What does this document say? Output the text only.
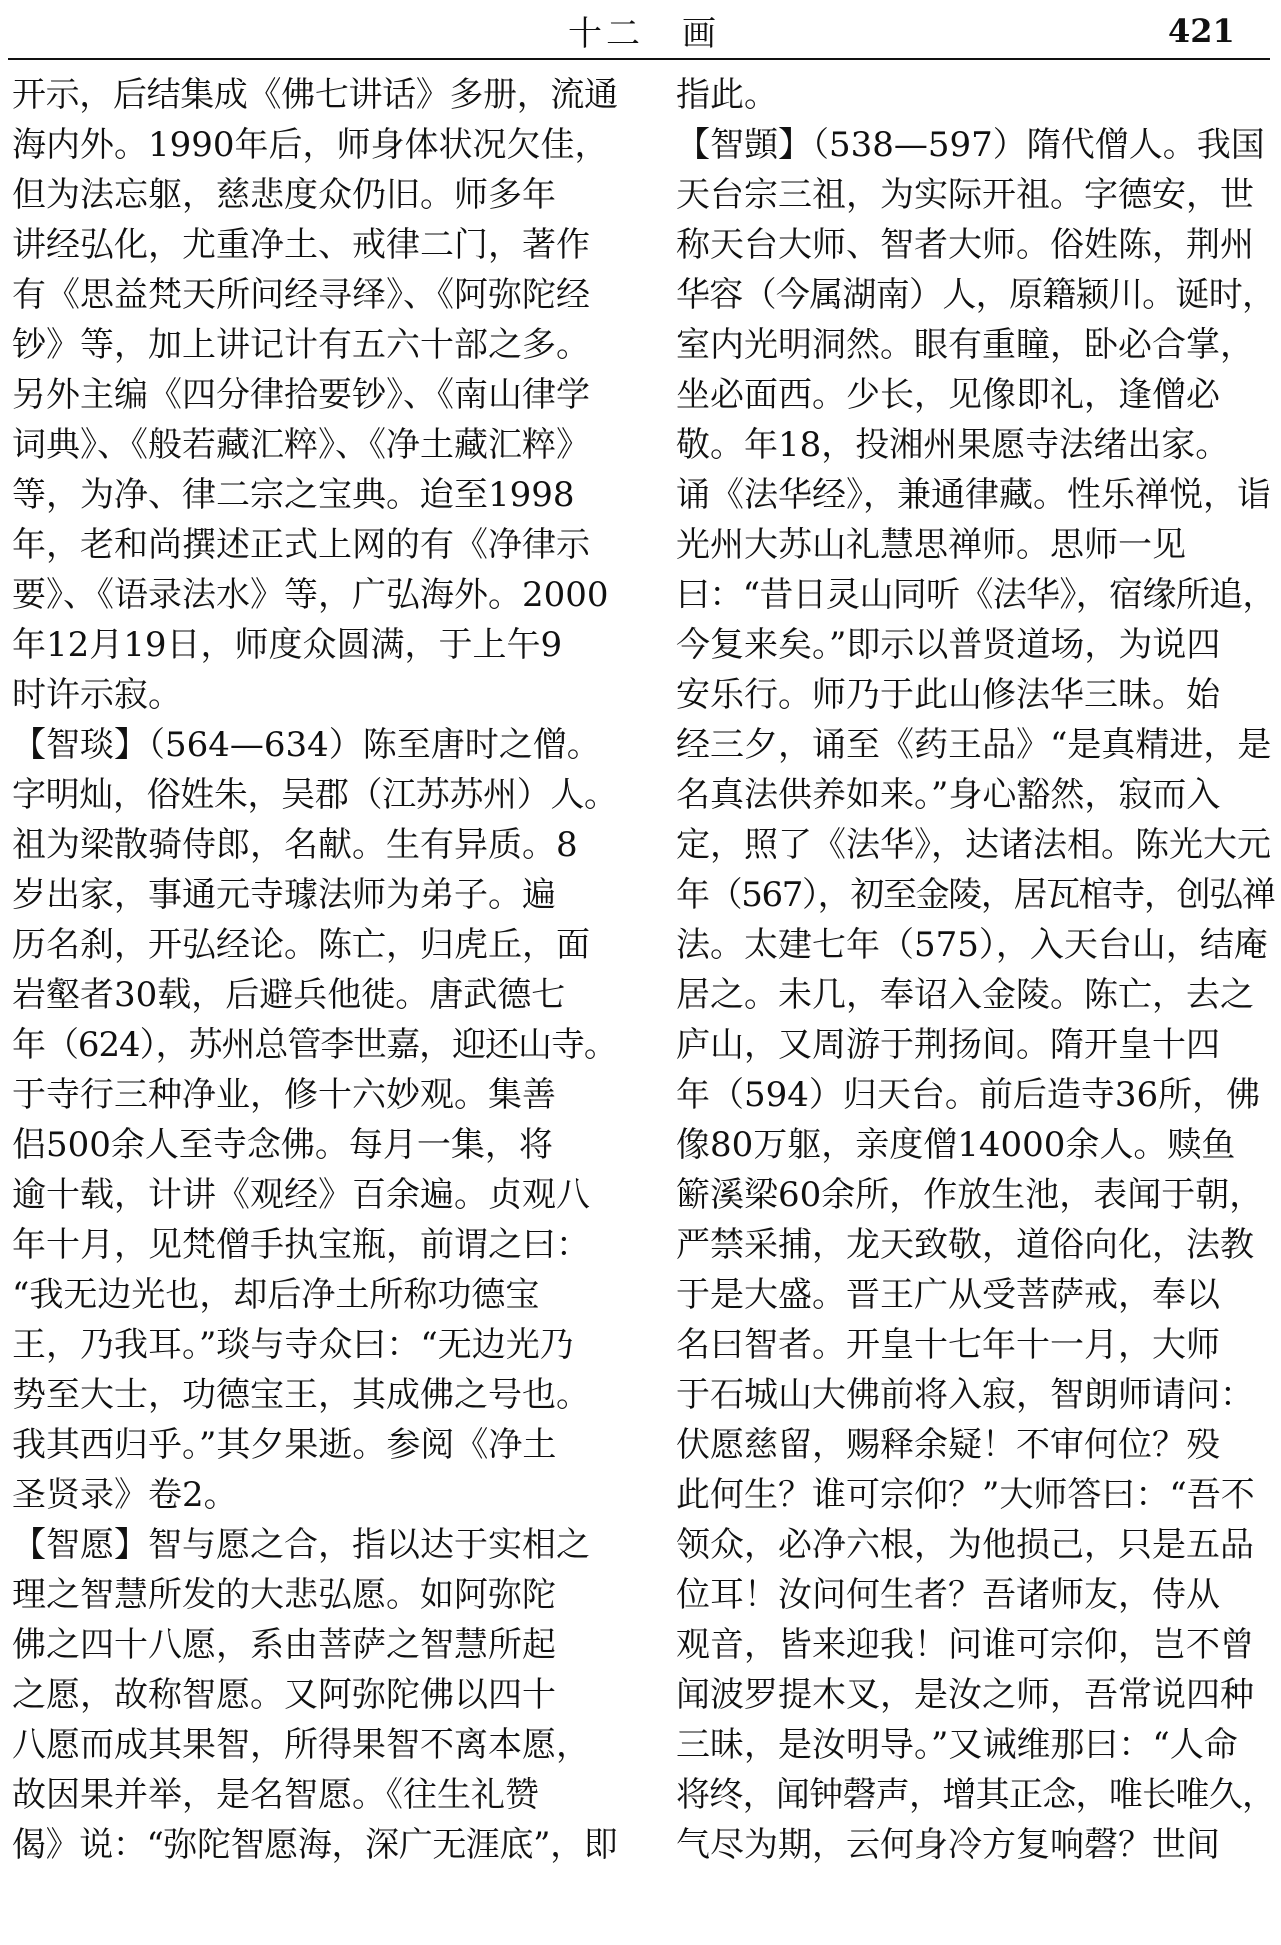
十二　画	421
开示，后结集成《佛七讲话》多册，流通
海内外。1990年后，师身体状况欠佳，
但为法忘躯，慈悲度众仍旧。师多年
讲经弘化，尤重净土、戒律二门，著作
有《思益梵天所问经寻绎》、《阿弥陀经
钞》等，加上讲记计有五六十部之多。
另外主编《四分律拾要钞》、《南山律学
词典》、《般若藏汇粹》、《净土藏汇粹》
等，为净、律二宗之宝典。迨至1998
年，老和尚撰述正式上网的有《净律示
要》、《语录法水》等，广弘海外。2000
年12月19日，师度众圆满，于上午9
时许示寂。
【智琰】（564—634）陈至唐时之僧。
字明灿，俗姓朱，吴郡（江苏苏州）人。
祖为梁散骑侍郎，名献。生有异质。8
岁出家，事通元寺璩法师为弟子。遍
历名刹，开弘经论。陈亡，归虎丘，面
岩壑者30载，后避兵他徙。唐武德七
年（624），苏州总管李世嘉，迎还山寺。
于寺行三种净业，修十六妙观。集善
侣500余人至寺念佛。每月一集，将
逾十载，计讲《观经》百余遍。贞观八
年十月，见梵僧手执宝瓶，前谓之曰：
“我无边光也，却后净土所称功德宝
王，乃我耳。”琰与寺众曰：“无边光乃
势至大士，功德宝王，其成佛之号也。
我其西归乎。”其夕果逝。参阅《净土
圣贤录》卷2。
【智愿】智与愿之合，指以达于实相之
理之智慧所发的大悲弘愿。如阿弥陀
佛之四十八愿，系由菩萨之智慧所起
之愿，故称智愿。又阿弥陀佛以四十
八愿而成其果智，所得果智不离本愿，
故因果并举，是名智愿。《往生礼赞
偈》说：“弥陀智愿海，深广无涯底”，即
指此。
【智顗】（538—597）隋代僧人。我国
天台宗三祖，为实际开祖。字德安，世
称天台大师、智者大师。俗姓陈，荆州
华容（今属湖南）人，原籍颍川。诞时，
室内光明洞然。眼有重瞳，卧必合掌，
坐必面西。少长，见像即礼，逢僧必
敬。年18，投湘州果愿寺法绪出家。
诵《法华经》，兼通律藏。性乐禅悦，诣
光州大苏山礼慧思禅师。思师一见
曰：“昔日灵山同听《法华》，宿缘所追，
今复来矣。”即示以普贤道场，为说四
安乐行。师乃于此山修法华三昧。始
经三夕，诵至《药王品》“是真精进，是
名真法供养如来。”身心豁然，寂而入
定，照了《法华》，达诸法相。陈光大元
年（567），初至金陵，居瓦棺寺，创弘禅
法。太建七年（575），入天台山，结庵
居之。未几，奉诏入金陵。陈亡，去之
庐山，又周游于荆扬间。隋开皇十四
年（594）归天台。前后造寺36所，佛
像80万躯，亲度僧14000余人。赎鱼
簖溪梁60余所，作放生池，表闻于朝，
严禁采捕，龙天致敬，道俗向化，法教
于是大盛。晋王广从受菩萨戒，奉以
名曰智者。开皇十七年十一月，大师
于石城山大佛前将入寂，智朗师请问：
伏愿慈留，赐释余疑！不审何位？殁
此何生？谁可宗仰？”大师答曰：“吾不
领众，必净六根，为他损己，只是五品
位耳！汝问何生者？吾诸师友，侍从
观音，皆来迎我！问谁可宗仰，岂不曾
闻波罗提木叉，是汝之师，吾常说四种
三昧，是汝明导。”又诫维那曰：“人命
将终，闻钟磬声，增其正念，唯长唯久，
气尽为期，云何身冷方复响磬？世间
